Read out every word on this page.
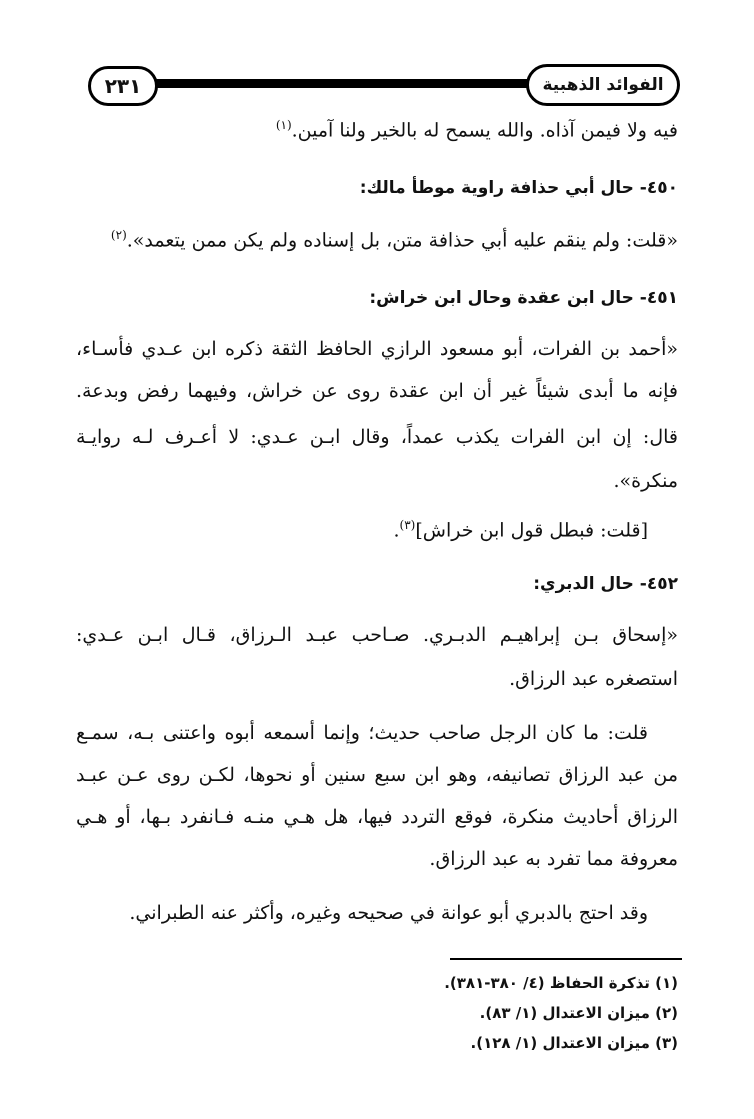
٢٣١	الفوائد الذهبية
فيه ولا فيمن آذاه. والله يسمح له بالخير ولنا آمين.$^{(١)}$
٤٥٠- حال أبي حذافة راوية موطأ مالك:
«قلت: ولم ينقم عليه أبي حذافة متن، بل إسناده ولم يكن ممن يتعمد».$^{(٢)}$
٤٥١- حال ابن عقدة وحال ابن خراش:
«أحمد بن الفرات، أبو مسعود الرازي الحافظ الثقة ذكره ابن عـدي فأسـاء،
فإنه ما أبدى شيئاً غير أن ابن عقدة روى عن خراش، وفيهما رفض وبدعة.
قال: إن ابن الفرات يكذب عمداً، وقال ابـن عـدي: لا أعـرف لـه روايـة
منكرة».
[قلت: فبطل قول ابن خراش]$^{(٣)}$.
٤٥٢- حال الدبري:
«إسحاق بـن إبراهيـم الدبـري. صـاحب عبـد الـرزاق، قـال ابـن عـدي:
استصغره عبد الرزاق.
قلت: ما كان الرجل صاحب حديث؛ وإنما أسمعه أبوه واعتنى بـه، سمـع
من عبد الرزاق تصانيفه، وهو ابن سبع سنين أو نحوها، لكـن روى عـن عبـد
الرزاق أحاديث منكرة، فوقع التردد فيها، هل هـي منـه فـانفرد بـها، أو هـي
معروفة مما تفرد به عبد الرزاق.
وقد احتج بالدبري أبو عوانة في صحيحه وغيره، وأكثر عنه الطبراني.
(١) تذكرة الحفاظ (٤/ ٣٨٠-٣٨١).
(٢) ميزان الاعتدال (١/ ٨٣).
(٣) ميزان الاعتدال (١/ ١٢٨).
